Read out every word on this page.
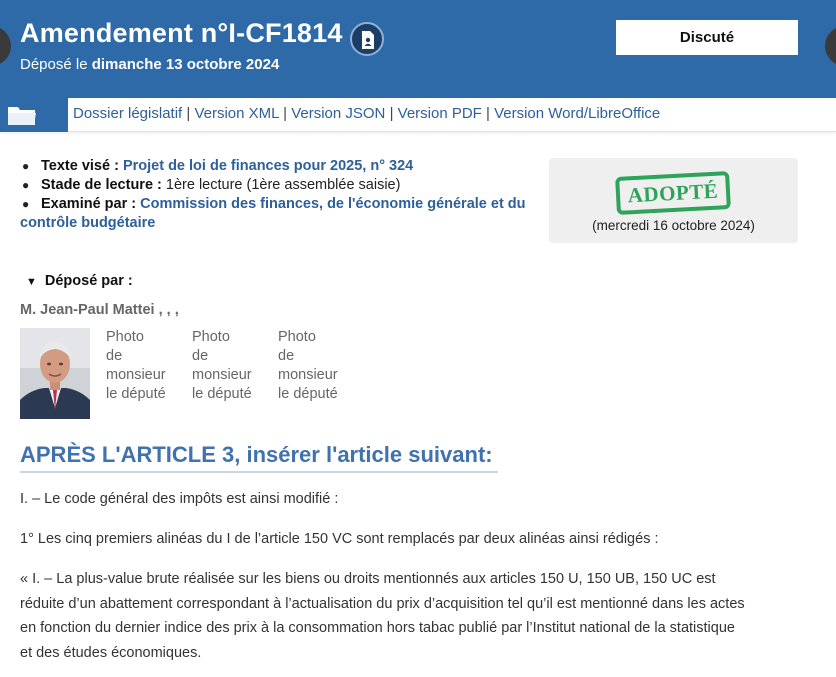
Amendement n°I-CF1814
Déposé le dimanche 13 octobre 2024
Discuté
Dossier législatif | Version XML | Version JSON | Version PDF | Version Word/LibreOffice
● Texte visé : Projet de loi de finances pour 2025, n° 324
● Stade de lecture : 1ère lecture (1ère assemblée saisie)
● Examiné par : Commission des finances, de l'économie générale et du
contrôle budgétaire
ADOPTÉ
(mercredi 16 octobre 2024)
▼ Déposé par :
M. Jean-Paul Mattei , , ,
Photo
de
monsieur
le député
Photo
de
monsieur
le député
Photo
de
monsieur
le député
APRÈS L'ARTICLE 3, insérer l'article suivant:
I. – Le code général des impôts est ainsi modifié :
1° Les cinq premiers alinéas du I de l’article 150 VC sont remplacés par deux alinéas ainsi rédigés :
« I. – La plus-value brute réalisée sur les biens ou droits mentionnés aux articles 150 U, 150 UB, 150 UC est
réduite d’un abattement correspondant à l’actualisation du prix d’acquisition tel qu’il est mentionné dans les actes
en fonction du dernier indice des prix à la consommation hors tabac publié par l’Institut national de la statistique
et des études économiques.
